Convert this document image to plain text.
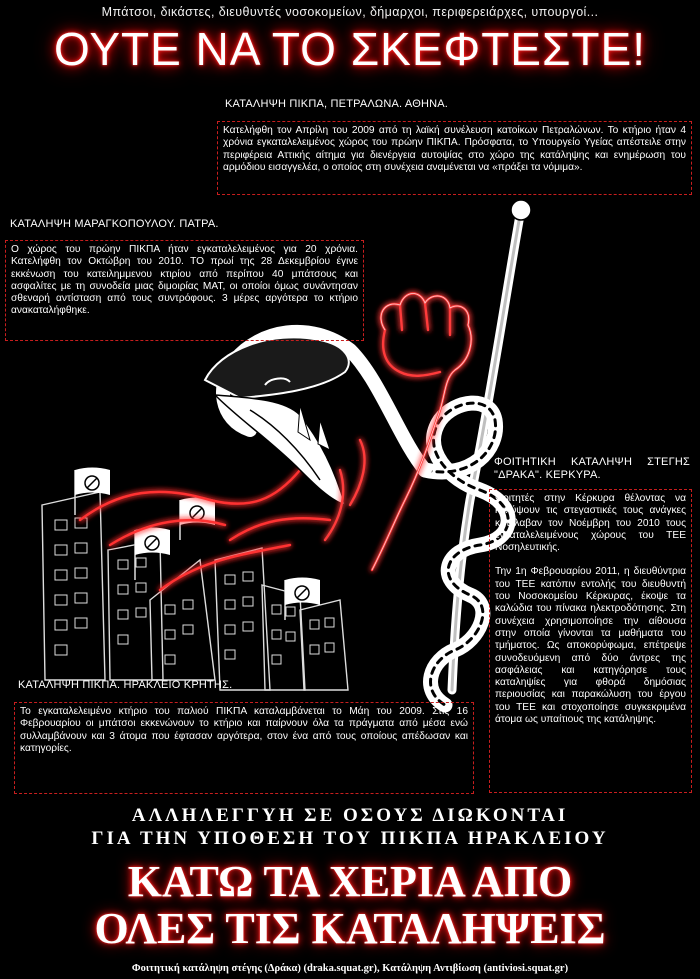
Μπάτσοι, δικάστες, διευθυντές νοσοκομείων, δήμαρχοι, περιφερειάρχες, υπουργοί...
ΟΥΤΕ ΝΑ ΤΟ ΣΚΕΦΤΕΣΤΕ!
ΚΑΤΑΛΗΨΗ ΠΙΚΠΑ, ΠΕΤΡΑΛΩΝΑ. ΑΘΗΝΑ.

Κατελήφθη τον Απρίλη του 2009 από τη λαϊκή συνέλευση κατοίκων Πετραλώνων. Το κτήριο ήταν 4 χρόνια εγκαταλελειμένος χώρος του πρώην ΠΙΚΠΑ. Πρόσφατα, το Υπουργείο Υγείας απέστειλε στην περιφέρεια Αττικής αίτημα για διενέργεια αυτοψίας στο χώρο της κατάληψης και ενημέρωση του αρμόδιου εισαγγελέα, ο οποίος στη συνέχεια αναμένεται να «πράξει τα νόμιμα».

ΚΑΤΑΛΗΨΗ ΜΑΡΑΓΚΟΠΟΥΛΟΥ. ΠΑΤΡΑ.

Ο χώρος του πρώην ΠΙΚΠΑ ήταν εγκαταλελειμένος για 20 χρόνια. Κατελήφθη τον Οκτώβρη του 2010. ΤΟ πρωί της 28 Δεκεμβρίου έγινε εκκένωση του κατειλημμενου κτιρίου από περίπου 40 μπάτσους και ασφαλίτες με τη συνοδεία μιας διμοιρίας ΜΑΤ, οι οποίοι όμως συνάντησαν σθεναρή αντίσταση από τους συντρόφους. 3 μέρες αργότερα το κτήριο ανακαταλήφθηκε.

ΦΟΙΤΗΤΙΚΗ ΚΑΤΑΛΗΨΗ ΣΤΕΓΗΣ "ΔΡΑΚΑ". ΚΕΡΚΥΡΑ.

Φοιτητές στην Κέρκυρα θέλοντας να καλύψουν τις στεγαστικές τους ανάγκες κατέλαβαν τον Νοέμβρη του 2010 τους εγκαταλελειμένους χώρους του ΤΕΕ Νοσηλευτικής.

Την 1η Φεβρουαρίου 2011, η διευθύντρια του ΤΕΕ κατόπιν εντολής του διευθυντή του Νοσοκομείου Κέρκυρας, έκοψε τα καλώδια του πίνακα ηλεκτροδότησης. Στη συνέχεια χρησιμοποίησε την αίθουσα στην οποία γίνονται τα μαθήματα του τμήματος. Ως αποκορύφωμα, επέτρεψε συνοδευόμενη από δύο άντρες της ασφάλειας και κατηγόρησε τους καταληψίες για φθορά δημόσιας περιουσίας και παρακώλυση του έργου του ΤΕΕ και στοχοποίησε συγκεκριμένα άτομα ως υπαίτιους της κατάληψης.

ΚΑΤΑΛΗΨΗ ΠΙΚΠΑ. ΗΡΑΚΛΕΙΟ ΚΡΗΤΗΣ.

Το εγκαταλελειμένο κτήριο του παλιού ΠΙΚΠΑ καταλαμβάνεται το Μάη του 2009. Στις 16 Φεβρουαρίου οι μπάτσοι εκκενώνουν το κτήριο και παίρνουν όλα τα πράγματα από μέσα ενώ συλλαμβάνουν και 3 άτομα που έφτασαν αργότερα, στον ένα από τους οποίους απέδωσαν και κατηγορίες.

ΑΛΛΗΛΕΓΓΥΗ ΣΕ ΟΣΟΥΣ ΔΙΩΚΟΝΤΑΙ
ΓΙΑ ΤΗΝ ΥΠΟΘΕΣΗ ΤΟΥ ΠΙΚΠΑ ΗΡΑΚΛΕΙΟΥ
ΚΑΤΩ ΤΑ ΧΕΡΙΑ ΑΠΟ
ΟΛΕΣ ΤΙΣ ΚΑΤΑΛΗΨΕΙΣ
Φοιτητική κατάληψη στέγης (Δράκα) (draka.squat.gr), Κατάληψη Αντιβίωση (antiviosi.squat.gr)
